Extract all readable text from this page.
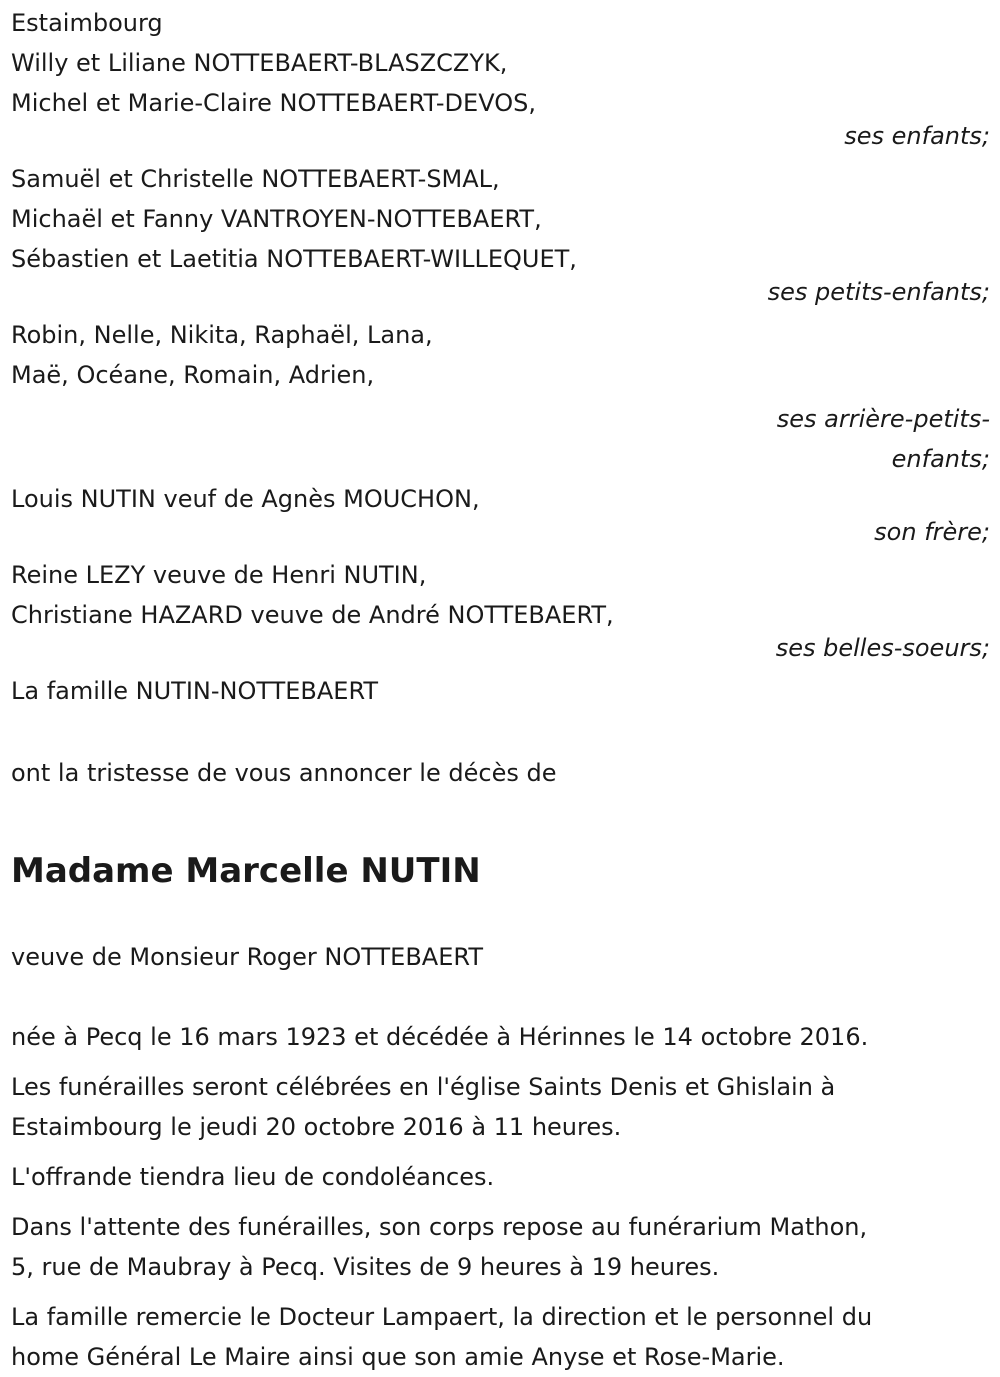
Estaimbourg
Willy et Liliane NOTTEBAERT-BLASZCZYK,
Michel et Marie-Claire NOTTEBAERT-DEVOS,
ses enfants;
Samuël et Christelle NOTTEBAERT-SMAL,
Michaël et Fanny VANTROYEN-NOTTEBAERT,
Sébastien et Laetitia NOTTEBAERT-WILLEQUET,
ses petits-enfants;
Robin, Nelle, Nikita, Raphaël, Lana,
Maë, Océane, Romain, Adrien,
ses arrière-petits-
enfants;
Louis NUTIN veuf de Agnès MOUCHON,
son frère;
Reine LEZY veuve de Henri NUTIN,
Christiane HAZARD veuve de André NOTTEBAERT,
ses belles-soeurs;
La famille NUTIN-NOTTEBAERT
ont la tristesse de vous annoncer le décès de
Madame Marcelle NUTIN
veuve de Monsieur Roger NOTTEBAERT
née à Pecq le 16 mars 1923 et décédée à Hérinnes le 14 octobre 2016.
Les funérailles seront célébrées en l'église Saints Denis et Ghislain à
Estaimbourg le jeudi 20 octobre 2016 à 11 heures.
L'offrande tiendra lieu de condoléances.
Dans l'attente des funérailles, son corps repose au funérarium Mathon,
5, rue de Maubray à Pecq. Visites de 9 heures à 19 heures.
La famille remercie le Docteur Lampaert, la direction et le personnel du
home Général Le Maire ainsi que son amie Anyse et Rose-Marie.
